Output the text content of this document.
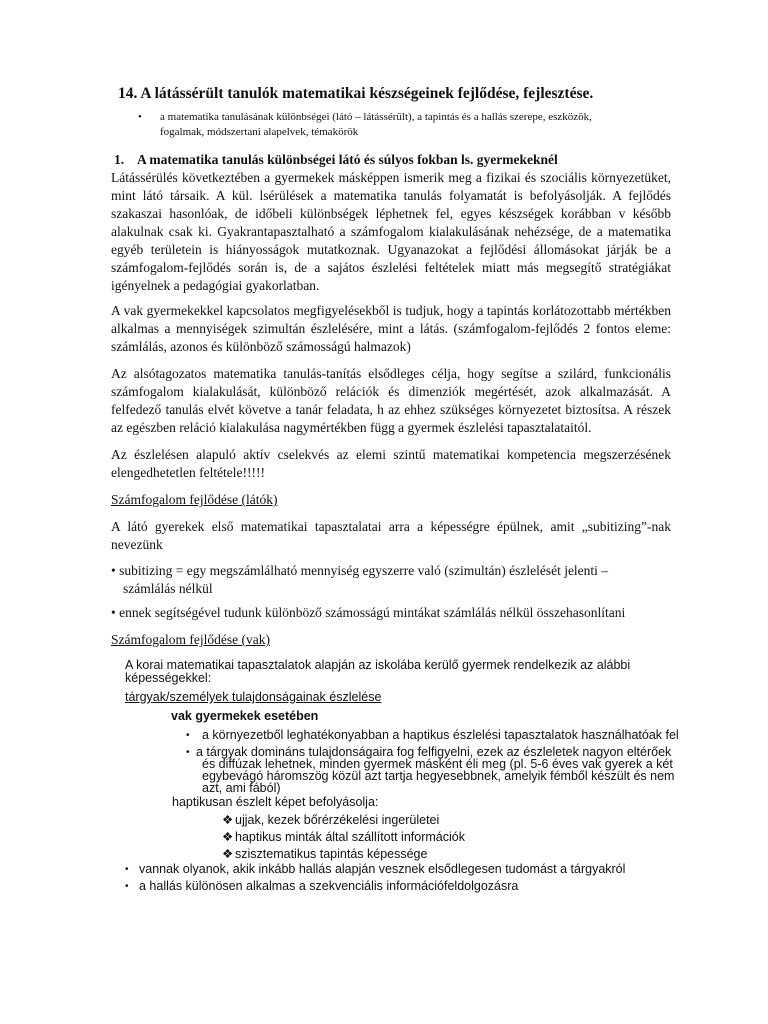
14. A látássérült tanulók matematikai készségeinek fejlődése, fejlesztése.
•	a matematika tanulásának különbségei (látó – látássérült), a tapintás és a hallás szerepe, eszközök,
fogalmak, módszertani alapelvek, témakörök
1. A matematika tanulás különbségei látó és súlyos fokban ls. gyermekeknél
Látássérülés következtében a gyermekek másképpen ismerik meg a fizikai és szociális környezetüket, mint látó társaik. A kül. lsérülések a matematika tanulás folyamatát is befolyásolják. A fejlődés szakaszai hasonlóak, de időbeli különbségek léphetnek fel, egyes készségek korábban v később alakulnak csak ki. Gyakrantapasztalható a számfogalom kialakulásának nehézsége, de a matematika egyéb területein is hiányosságok mutatkoznak. Ugyanazokat a fejlődési állomásokat járják be a számfogalom-fejlődés során is, de a sajátos észlelési feltételek miatt más megsegítő stratégiákat igényelnek a pedagógiai gyakorlatban.
A vak gyermekekkel kapcsolatos megfigyelésekből is tudjuk, hogy a tapintás korlátozottabb mértékben alkalmas a mennyiségek szimultán észlelésére, mint a látás. (számfogalom-fejlődés 2 fontos eleme: számlálás, azonos és különböző számosságú halmazok)
Az alsótagozatos matematika tanulás-tanítás elsődleges célja, hogy segítse a szilárd, funkcionális számfogalom kialakulását, különböző relációk és dimenziók megértését, azok alkalmazását. A felfedező tanulás elvét követve a tanár feladata, h az ehhez szükséges környezetet biztosítsa. A részek az egészben reláció kialakulása nagymértékben függ a gyermek észlelési tapasztalataitól.
Az észlelésen alapuló aktív cselekvés az elemi szintű matematikai kompetencia megszerzésének elengedhetetlen feltétele!!!!!
Számfogalom fejlődése (látók)
A látó gyerekek első matematikai tapasztalatai arra a képességre épülnek, amit „subitizing”-nak nevezünk
• subitizing = egy megszámlálható mennyiség egyszerre való (szimultán) észlelését jelenti –
számlálás nélkül
• ennek segítségével tudunk különböző számosságú mintákat számlálás nélkül összehasonlítani
Számfogalom fejlődése (vak)
A korai matematikai tapasztalatok alapján az iskolába kerülő gyermek rendelkezik az alábbi
képességekkel:
tárgyak/személyek tulajdonságainak észlelése
vak gyermekek esetében
• a környezetből leghatékonyabban a haptikus észlelési tapasztalatok használhatóak fel
• a tárgyak domináns tulajdonságaira fog felfigyelni, ezek az észleletek nagyon eltérőek
és diffúzak lehetnek, minden gyermek másként éli meg (pl. 5-6 éves vak gyerek a két
egybevágó háromszög közül azt tartja hegyesebbnek, amelyik fémből készült és nem
azt, ami fából)
haptikusan észlelt képet befolyásolja:
❖ ujjak, kezek bőrérzékelési ingerületei
❖ haptikus minták által szállított információk
❖ szisztematikus tapintás képessége
• vannak olyanok, akik inkább hallás alapján vesznek elsődlegesen tudomást a tárgyakról
• a hallás különösen alkalmas a szekvenciális információfeldolgozásra
